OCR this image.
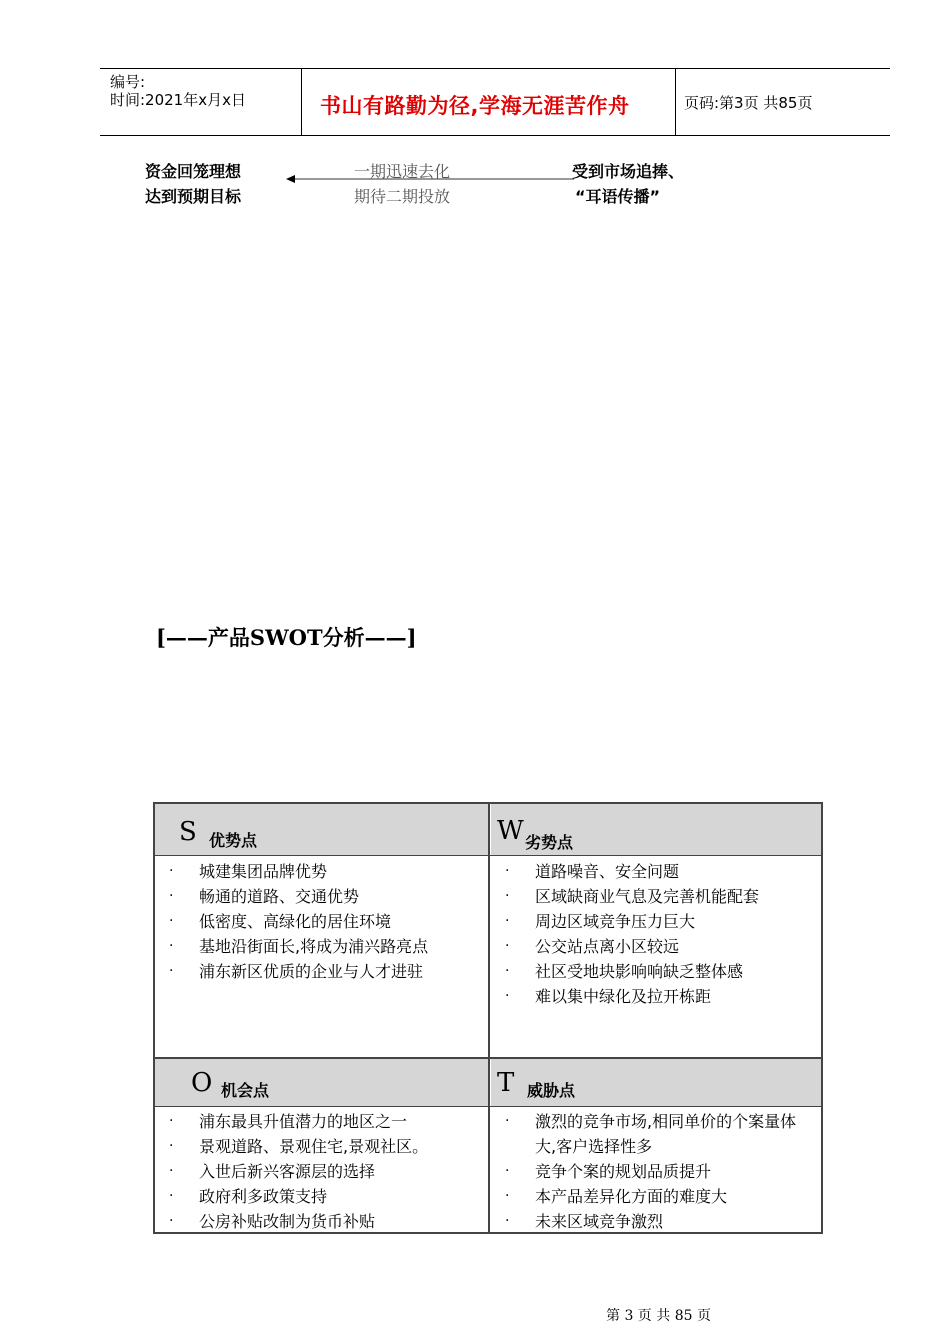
编号:
时间:2021年x月x日	书山有路勤为径,学海无涯苦作舟	页码:第3页 共85页
资金回笼理想
达到预期目标
一期迅速去化
期待二期投放
受到市场追捧、
“耳语传播”
[——产品SWOT分析——]
S 优势点	W 劣势点
O 机会点	T 威胁点
· 城建集团品牌优势
· 畅通的道路、交通优势
· 低密度、高绿化的居住环境
· 基地沿街面长,将成为浦兴路亮点
· 浦东新区优质的企业与人才进驻
· 道路噪音、安全问题
· 区域缺商业气息及完善机能配套
· 周边区域竞争压力巨大
· 公交站点离小区较远
· 社区受地块影响响缺乏整体感
· 难以集中绿化及拉开栋距
· 浦东最具升值潜力的地区之一
· 景观道路、景观住宅,景观社区。
· 入世后新兴客源层的选择
· 政府利多政策支持
· 公房补贴改制为货币补贴
· 激烈的竞争市场,相同单价的个案量体大,客户选择性多
· 竞争个案的规划品质提升
· 本产品差异化方面的难度大
· 未来区域竞争激烈
第 3 页 共 85 页
